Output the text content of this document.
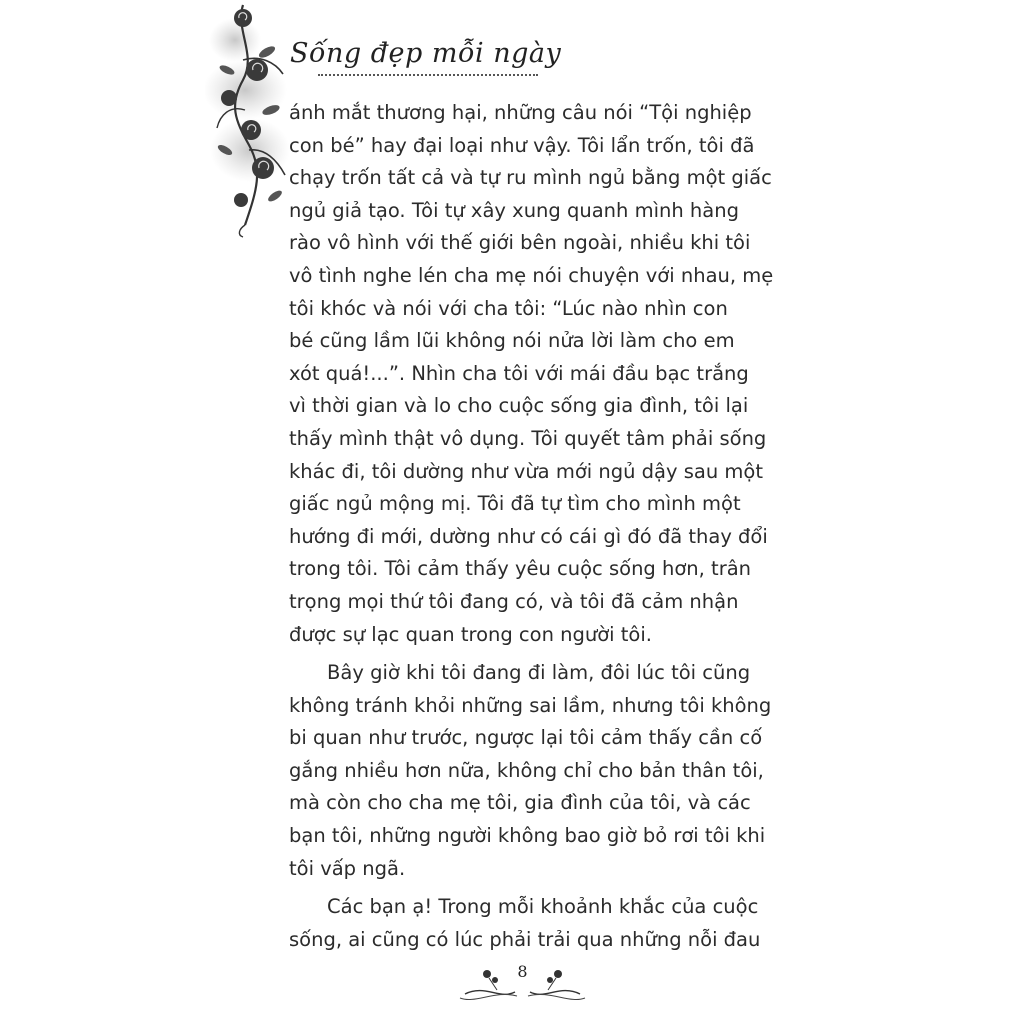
Sống đẹp mỗi ngày
ánh mắt thương hại, những câu nói “Tội nghiệp
con bé” hay đại loại như vậy. Tôi lẩn trốn, tôi đã
chạy trốn tất cả và tự ru mình ngủ bằng một giấc
ngủ giả tạo. Tôi tự xây xung quanh mình hàng
rào vô hình với thế giới bên ngoài, nhiều khi tôi
vô tình nghe lén cha mẹ nói chuyện với nhau, mẹ
tôi khóc và nói với cha tôi: “Lúc nào nhìn con
bé cũng lầm lũi không nói nửa lời làm cho em
xót quá!...”. Nhìn cha tôi với mái đầu bạc trắng
vì thời gian và lo cho cuộc sống gia đình, tôi lại
thấy mình thật vô dụng. Tôi quyết tâm phải sống
khác đi, tôi dường như vừa mới ngủ dậy sau một
giấc ngủ mộng mị. Tôi đã tự tìm cho mình một
hướng đi mới, dường như có cái gì đó đã thay đổi
trong tôi. Tôi cảm thấy yêu cuộc sống hơn, trân
trọng mọi thứ tôi đang có, và tôi đã cảm nhận
được sự lạc quan trong con người tôi.
Bây giờ khi tôi đang đi làm, đôi lúc tôi cũng
không tránh khỏi những sai lầm, nhưng tôi không
bi quan như trước, ngược lại tôi cảm thấy cần cố
gắng nhiều hơn nữa, không chỉ cho bản thân tôi,
mà còn cho cha mẹ tôi, gia đình của tôi, và các
bạn tôi, những người không bao giờ bỏ rơi tôi khi
tôi vấp ngã.
Các bạn ạ! Trong mỗi khoảnh khắc của cuộc
sống, ai cũng có lúc phải trải qua những nỗi đau
8
